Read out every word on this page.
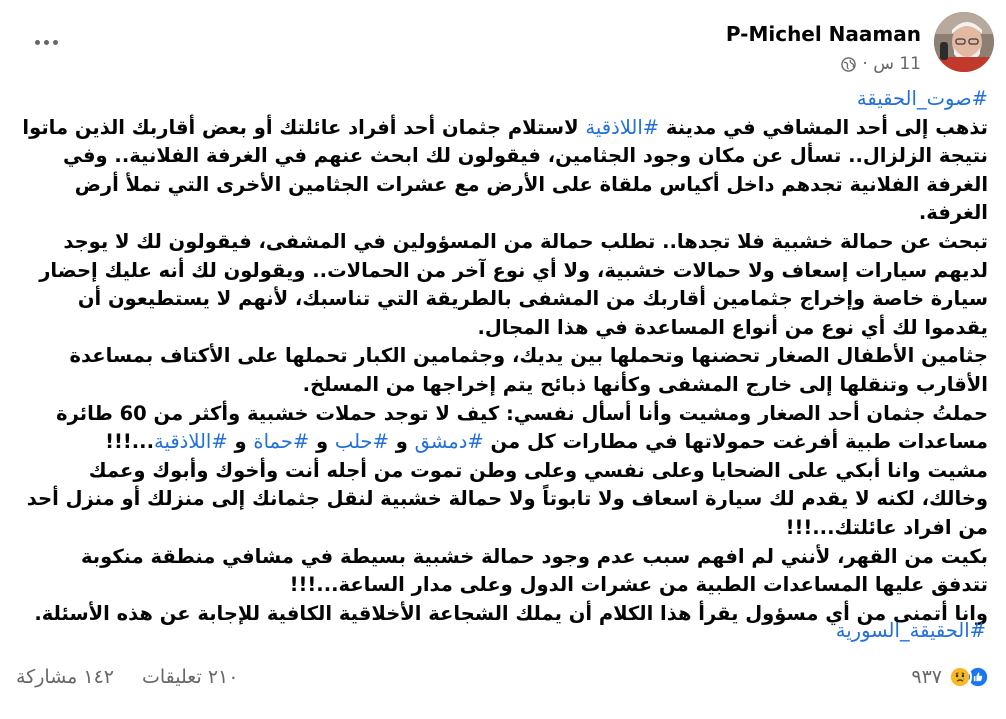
P-Michel Naaman
11 س ·
#صوت_الحقيقة
تذهب إلى أحد المشافي في مدينة #اللاذقية لاستلام جثمان أحد أفراد عائلتك أو بعض أقاربك الذين ماتوا نتيجة الزلزال.. تسأل عن مكان وجود الجثامين، فيقولون لك ابحث عنهم في الغرفة الفلانية.. وفي الغرفة الفلانية تجدهم داخل أكياس ملقاة على الأرض مع عشرات الجثامين الأخرى التي تملأ أرض الغرفة.
تبحث عن حمالة خشبية فلا تجدها.. تطلب حمالة من المسؤولين في المشفى، فيقولون لك لا يوجد لديهم سيارات إسعاف ولا حمالات خشبية، ولا أي نوع آخر من الحمالات.. ويقولون لك أنه عليك إحضار سيارة خاصة وإخراج جثمامين أقاربك من المشفى بالطريقة التي تناسبك، لأنهم لا يستطيعون أن يقدموا لك أي نوع من أنواع المساعدة في هذا المجال.
جثامين الأطفال الصغار تحضنها وتحملها بين يديك، وجثمامين الكبار تحملها على الأكتاف بمساعدة الأقارب وتنقلها إلى خارج المشفى وكأنها ذبائح يتم إخراجها من المسلخ.
حملتُ جثمان أحد الصغار ومشيت وأنا أسأل نفسي: كيف لا توجد حملات خشبية وأكثر من 60 طائرة مساعدات طبية أفرغت حمولاتها في مطارات كل من #دمشق و #حلب و #حماة و #اللاذقية...!!!
مشيت وانا أبكي على الضحايا وعلى نفسي وعلى وطن تموت من أجله أنت وأخوك وأبوك وعمك وخالك، لكنه لا يقدم لك سيارة اسعاف ولا تابوتاً ولا حمالة خشبية لنقل جثمانك إلى منزلك أو منزل أحد من افراد عائلتك...!!!
بكيت من القهر، لأنني لم افهم سبب عدم وجود حمالة خشبية بسيطة في مشافي منطقة منكوبة تتدفق عليها المساعدات الطبية من عشرات الدول وعلى مدار الساعة...!!!
وانا أتمنى من أي مسؤول يقرأ هذا الكلام أن يملك الشجاعة الأخلاقية الكافية للإجابة عن هذه الأسئلة.
#الحقيقة_السورية
٢١٠ تعليقات
١٤٢ مشاركة	٩٣٧
